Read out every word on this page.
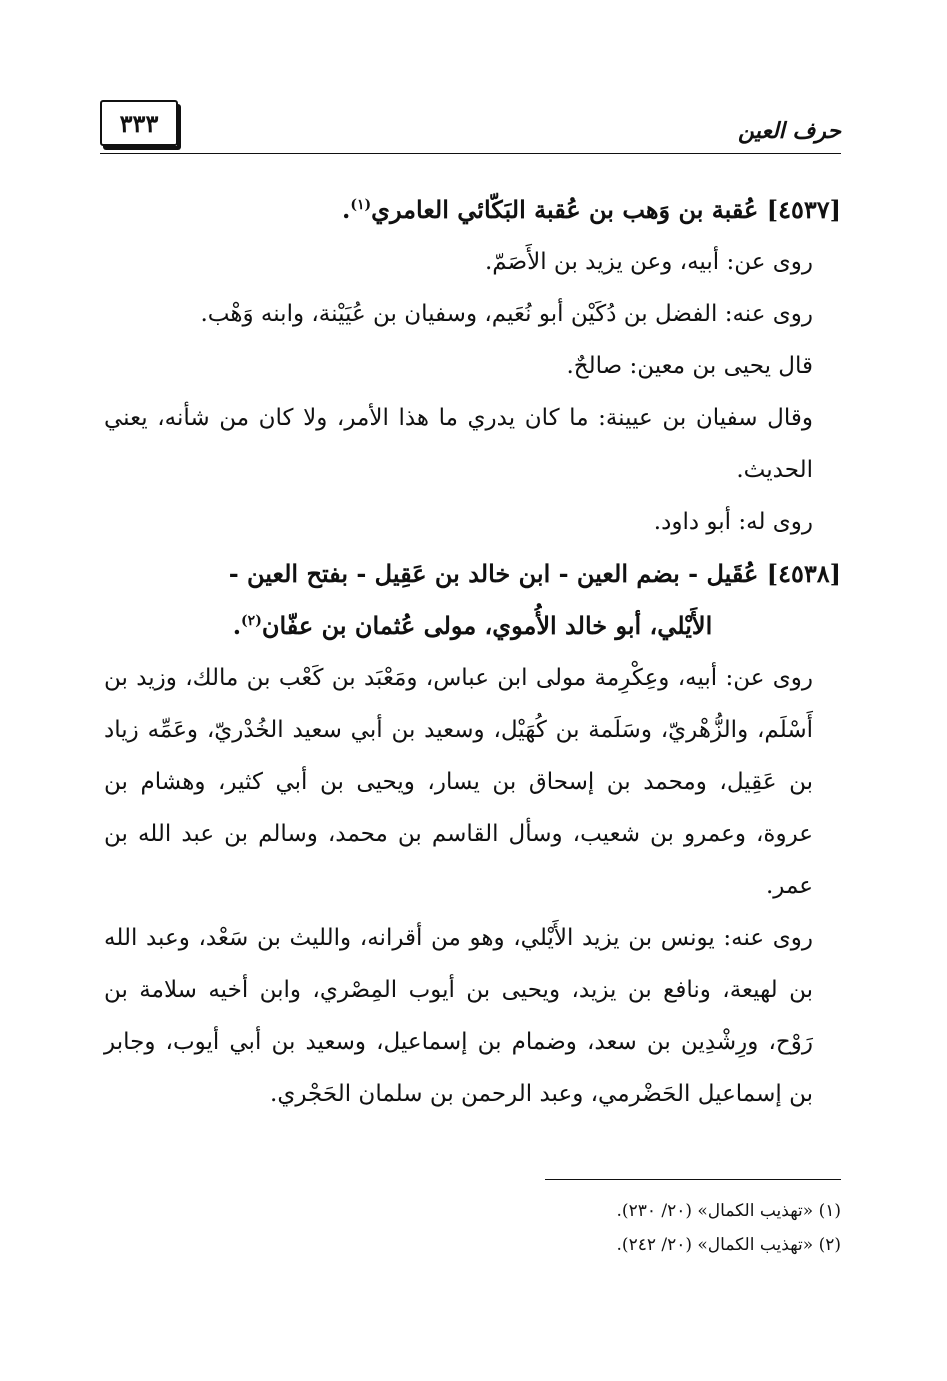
٣٣٣	حرف العين

[٤٥٣٧] عُقبة بن وَهب بن عُقبة البَكّائي العامري$^{(١)}$.

روى عن: أبيه، وعن يزيد بن الأَصَمّ.

روى عنه: الفضل بن دُكَيْن أبو نُعَيم، وسفيان بن عُيَيْنة، وابنه وَهْب.

قال يحيى بن معين: صالحٌ.

وقال سفيان بن عيينة: ما كان يدري ما هذا الأمر، ولا كان من شأنه، يعني الحديث.

روى له: أبو داود.

[٤٥٣٨] عُقَيل - بضم العين - ابن خالد بن عَقِيل - بفتح العين -

الأَيْلي، أبو خالد الأُموي، مولى عُثمان بن عفّان$^{(٢)}$.

روى عن: أبيه، وعِكْرِمة مولى ابن عباس، ومَعْبَد بن كَعْب بن مالك، وزيد بن أَسْلَم، والزُّهْريّ، وسَلَمة بن كُهَيْل، وسعيد بن أبي سعيد الخُدْريّ، وعَمِّه زياد بن عَقِيل، ومحمد بن إسحاق بن يسار، ويحيى بن أبي كثير، وهشام بن عروة، وعمرو بن شعيب، وسأل القاسم بن محمد، وسالم بن عبد الله بن عمر.

روى عنه: يونس بن يزيد الأَيْلي، وهو من أقرانه، والليث بن سَعْد، وعبد الله بن لهيعة، ونافع بن يزيد، ويحيى بن أيوب المِصْري، وابن أخيه سلامة بن رَوْح، ورِشْدِين بن سعد، وضمام بن إسماعيل، وسعيد بن أبي أيوب، وجابر بن إسماعيل الحَضْرمي، وعبد الرحمن بن سلمان الحَجْري.

(١) «تهذيب الكمال» (٢٠/ ٢٣٠).

(٢) «تهذيب الكمال» (٢٠/ ٢٤٢).
